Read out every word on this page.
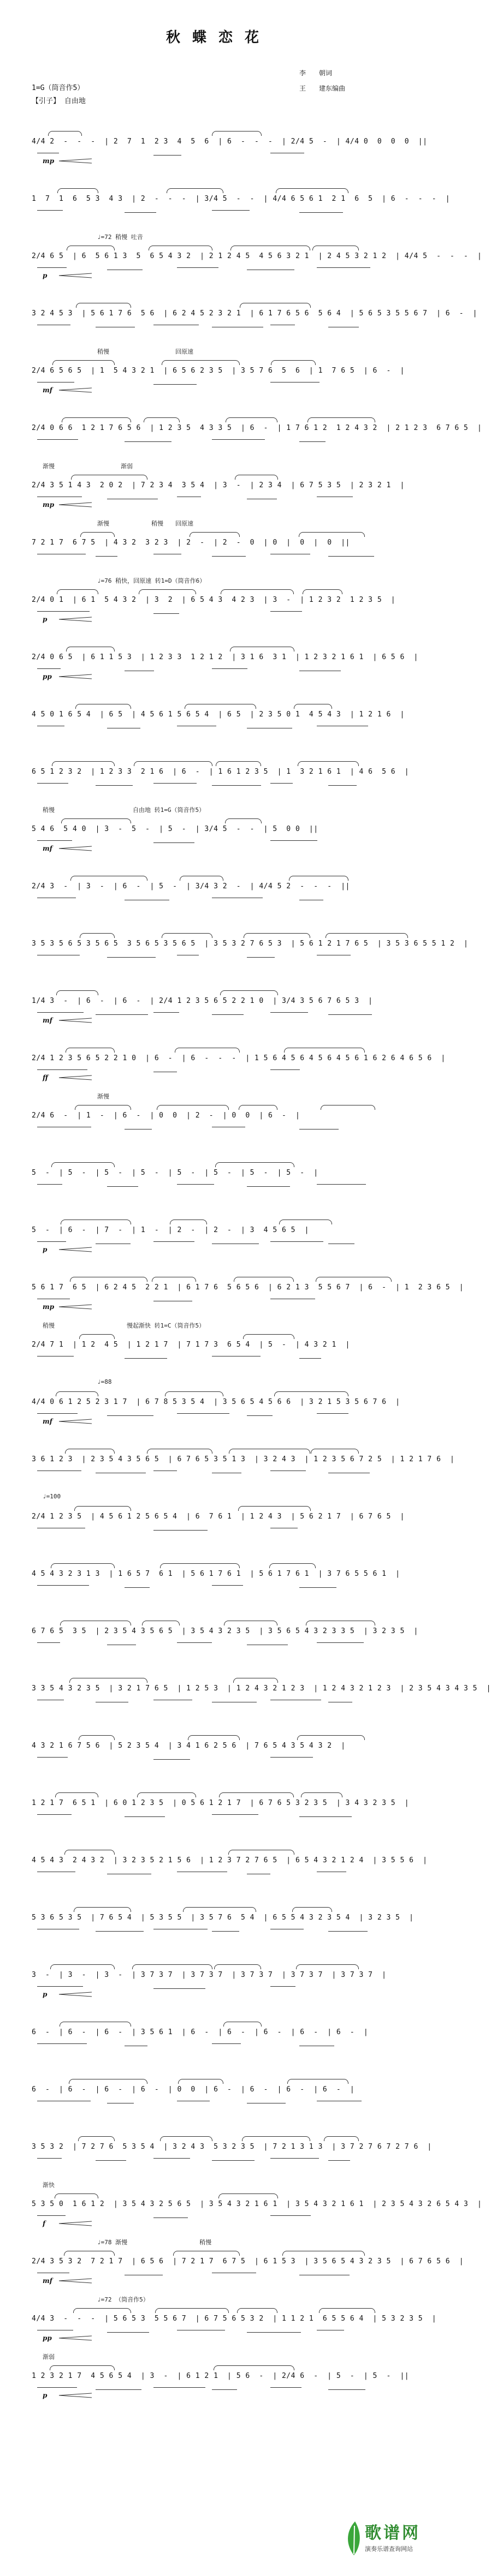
秋蝶恋花
1=G（筒音作5）
【引子】 自由地
李　　朝词
王　　建东编曲
4/4 2  -  -  -  | 2  7  1  2 3  4  5  6  | 6  -  -  -  | 2/4 5  -  | 4/4 0  0  0  0  ||
mp
1  7  1  6  5 3  4 3  | 2  -  -  -  | 3/4 5  -  -  | 4/4 6 5 6 1  2 1  6  5  | 6  -  -  -  |
♩=72 稍慢 吐音
2/4 6 5  | 6  5 6 1 3  5  6 5 4 3 2  | 2 1 2 4 5  4 5 6 3 2 1  | 2 4 5 3 2 1 2  | 4/4 5  -  -  -  |
p
3 2 4 5 3  | 5 6 1 7 6  5 6  | 6 2 4 5 2 3 2 1  | 6 1 7 6 5 6  5 6 4  | 5 6 5 3 5 5 6 7  | 6  -  |
稍慢　　　　　　　　　　　回原速
2/4 6 5 6 5  | 1  5 4 3 2 1  | 6 5 6 2 3 5  | 3 5 7 6  5  6  | 1  7 6 5  | 6  -  |
mf
2/4 0 6 6  1 2 1 7 6 5 6  | 1 2 3 5  4 3 3 5  | 6  -  | 1 7 6 1 2  1 2 4 3 2  | 2 1 2 3  6 7 6 5  |
渐慢　　　　　　　　　　　渐弱
2/4 3 5 1 4 3  2 0 2  | 7 2 3 4  3 5 4  | 3  -  | 2 3 4  | 6 7 5 3 5  | 2 3 2 1  |
mp
渐慢　　　　　　　稍慢　　回原速
7 2 1 7  6 7 5  | 4 3 2  3 2 3  | 2  -  | 2  -  0  | 0  |  0  |  0  ||
♩=76 稍快，回原速 转1=D（筒音作6）
2/4 0 1  | 6 1  5 4 3 2  | 3  2  | 6 5 4 3  4 2 3  | 3  -  | 1 2 3 2  1 2 3 5  |
p
2/4 0 6 5  | 6 1 1 5 3  | 1 2 3 3  1 2 1 2  | 3 1 6  3 1  | 1 2 3 2 1 6 1  | 6 5 6  |
pp
4 5 0 1 6 5 4  | 6 5  | 4 5 6 1 5 6 5 4  | 6 5  | 2 3 5 0 1  4 5 4 3  | 1 2 1 6  |
6 5 1 2 3 2  | 1 2 3 3  2 1 6  | 6  -  | 1 6 1 2 3 5  | 1  3 2 1 6 1  | 4 6  5 6  |
稍慢　　　　　　　　　　　　　自由地 转1=G（筒音作5）
5 4 6  5 4 0  | 3  -  5  -  | 5  -  | 3/4 5  -  -  | 5  0 0  ||
mf
2/4 3  -  | 3  -  | 6  -  | 5  -  | 3/4 3 2  -  | 4/4 5 2  -  -  -  ||
3 5 3 5 6 5 3 5 6 5  3 5 6 5 3 5 6 5  | 3 5 3 2 7 6 5 3  | 5 6 1 2 1 7 6 5  | 3 5 3 6 5 5 1 2  |
1/4 3  -  | 6  -  | 6  -  | 2/4 1 2 3 5 6 5 2 2 1 0  | 3/4 3 5 6 7 6 5 3  |
mf
2/4 1 2 3 5 6 5 2 2 1 0  | 6  -  | 6  -  -  -  | 1 5 6 4 5 6 4 5 6 4 5 6 1 6 2 6 4 6 5 6  |
ff
渐慢
2/4 6  -  | 1  -  | 6  -  | 0  0  | 2  -  | 0  0  | 6  -  |
5  -  | 5  -  | 5  -  | 5  -  | 5  -  | 5  -  | 5  -  | 5  -  |
5  -  | 6  -  | 7  -  | 1  -  | 2  -  | 2  -  | 3  4 5 6 5  |
p
5 6 1 7  6 5  | 6 2 4 5  2 2 1  | 6 1 7 6  5 6 5 6  | 6 2 1 3  5 5 6 7  | 6  -  | 1  2 3 6 5  |
mp
稍慢　　　　　　　　　　　　慢起渐快 转1=C（筒音作5）
2/4 7 1  | 1 2  4 5  | 1 2 1 7  | 7 1 7 3  6 5 4  | 5  -  | 4 3 2 1  |
♩=88
4/4 0 6 1 2 5 2 3 1 7  | 6 7 8 5 3 5 4  | 3 5 6 5 4 5 6 6  | 3 2 1 5 3 5 6 7 6  |
mf
3 6 1 2 3  | 2 3 5 4 3 5 6 5  | 6 7 6 5 3 5 1 3  | 3 2 4 3  | 1 2 3 5 6 7 2 5  | 1 2 1 7 6  |
♩=100
2/4 1 2 3 5  | 4 5 6 1 2 5 6 5 4  | 6  7 6 1  | 1 2 4 3  | 5 6 2 1 7  | 6 7 6 5  |
4 5 4 3 2 3 1 3  | 1 6 5 7  6 1  | 5 6 1 7 6 1  | 5 6 1 7 6 1  | 3 7 6 5 5 6 1  |
6 7 6 5  3 5  | 2 3 5 4 3 5 6 5  | 3 5 4 3 2 3 5  | 3 5 6 5 4 3 2 3 3 5  | 3 2 3 5  |
3 3 5 4 3 2 3 5  | 3 2 1 7 6 5  | 1 2 5 3  | 1 2 4 3 2 1 2 3  | 1 2 4 3 2 1 2 3  | 2 3 5 4 3 4 3 5  |
4 3 2 1 6 7 5 6  | 5 2 3 5 4  | 3 4 1 6 2 5 6  | 7 6 5 4 3 5 4 3 2  |
1 2 1 7  6 5 1  | 6 0 1 2 3 5  | 0 5 6 1 2 1 7  | 6 7 6 5 3 2 3 5  | 3 4 3 2 3 5  |
4 5 4 3  2 4 3 2  | 3 2 3 5 2 1 5 6  | 1 2 3 7 2 7 6 5  | 6 5 4 3 2 1 2 4  | 3 5 5 6  |
5 3 6 5 3 5  | 7 6 5 4  | 5 3 5 5  | 3 5 7 6  5 4  | 6 5 5 4 3 2 3 5 4  | 3 2 3 5  |
3  -  | 3  -  | 3  -  | 3 7 3 7  | 3 7 3 7  | 3 7 3 7  | 3 7 3 7  | 3 7 3 7  |
p
6  -  | 6  -  | 6  -  | 3 5 6 1  | 6  -  | 6  -  | 6  -  | 6  -  | 6  -  |
6  -  | 6  -  | 6  -  | 6  -  | 0  0  | 6  -  | 6  -  | 6  -  | 6  -  |
3 5 3 2  | 7 2 7 6  5 3 5 4  | 3 2 4 3  5 3 2 3 5  | 7 2 1 3 1 3  | 3 7 2 7 6 7 2 7 6  |
渐快
5 3 5 0  1 6 1 2  | 3 5 4 3 2 5 6 5  | 3 5 4 3 2 1 6 1  | 3 5 4 3 2 1 6 1  | 2 3 5 4 3 2 6 5 4 3  |
f
♩=78 渐慢　　　　　　　　　　　　稍慢
2/4 3 5 3 2  7 2 1 7  | 6 5 6  | 7 2 1 7  6 7 5  | 6 1 5 3  | 3 5 6 5 4 3 2 3 5  | 6 7 6 5 6  |
mf
♩=72 （筒音作5）
4/4 3  -  -  -  | 5 6 5 3  5 5 6 7  | 6 7 5 6 5 3 2  | 1 1 2 1  6 5 5 6 4  | 5 3 2 3 5  |
pp
渐弱
1 2 3 2 1 7  4 5 6 5 4  | 3  -  | 6 1 2 1  | 5 6  -  | 2/4 6  -  | 5  -  | 5  -  ||
p
歌谱网
演奏乐谱查询网站
